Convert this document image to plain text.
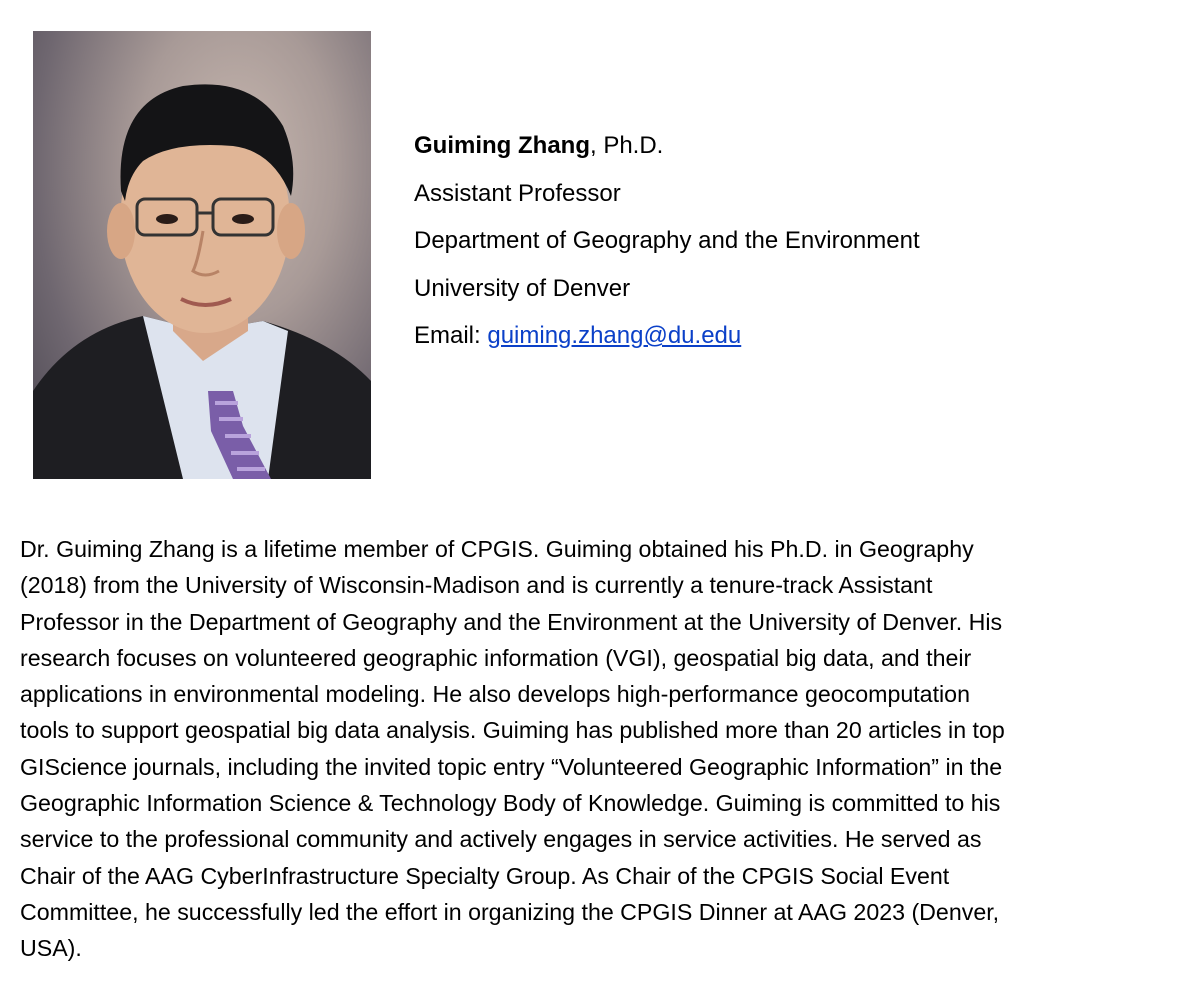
Guiming Zhang, Ph.D.
Assistant Professor
Department of Geography and the Environment
University of Denver
Email: guiming.zhang@du.edu

Dr. Guiming Zhang is a lifetime member of CPGIS. Guiming obtained his Ph.D. in Geography
(2018) from the University of Wisconsin-Madison and is currently a tenure-track Assistant
Professor in the Department of Geography and the Environment at the University of Denver. His
research focuses on volunteered geographic information (VGI), geospatial big data, and their
applications in environmental modeling. He also develops high-performance geocomputation
tools to support geospatial big data analysis. Guiming has published more than 20 articles in top
GIScience journals, including the invited topic entry “Volunteered Geographic Information” in the
Geographic Information Science & Technology Body of Knowledge. Guiming is committed to his
service to the professional community and actively engages in service activities. He served as
Chair of the AAG CyberInfrastructure Specialty Group. As Chair of the CPGIS Social Event
Committee, he successfully led the effort in organizing the CPGIS Dinner at AAG 2023 (Denver,
USA).
